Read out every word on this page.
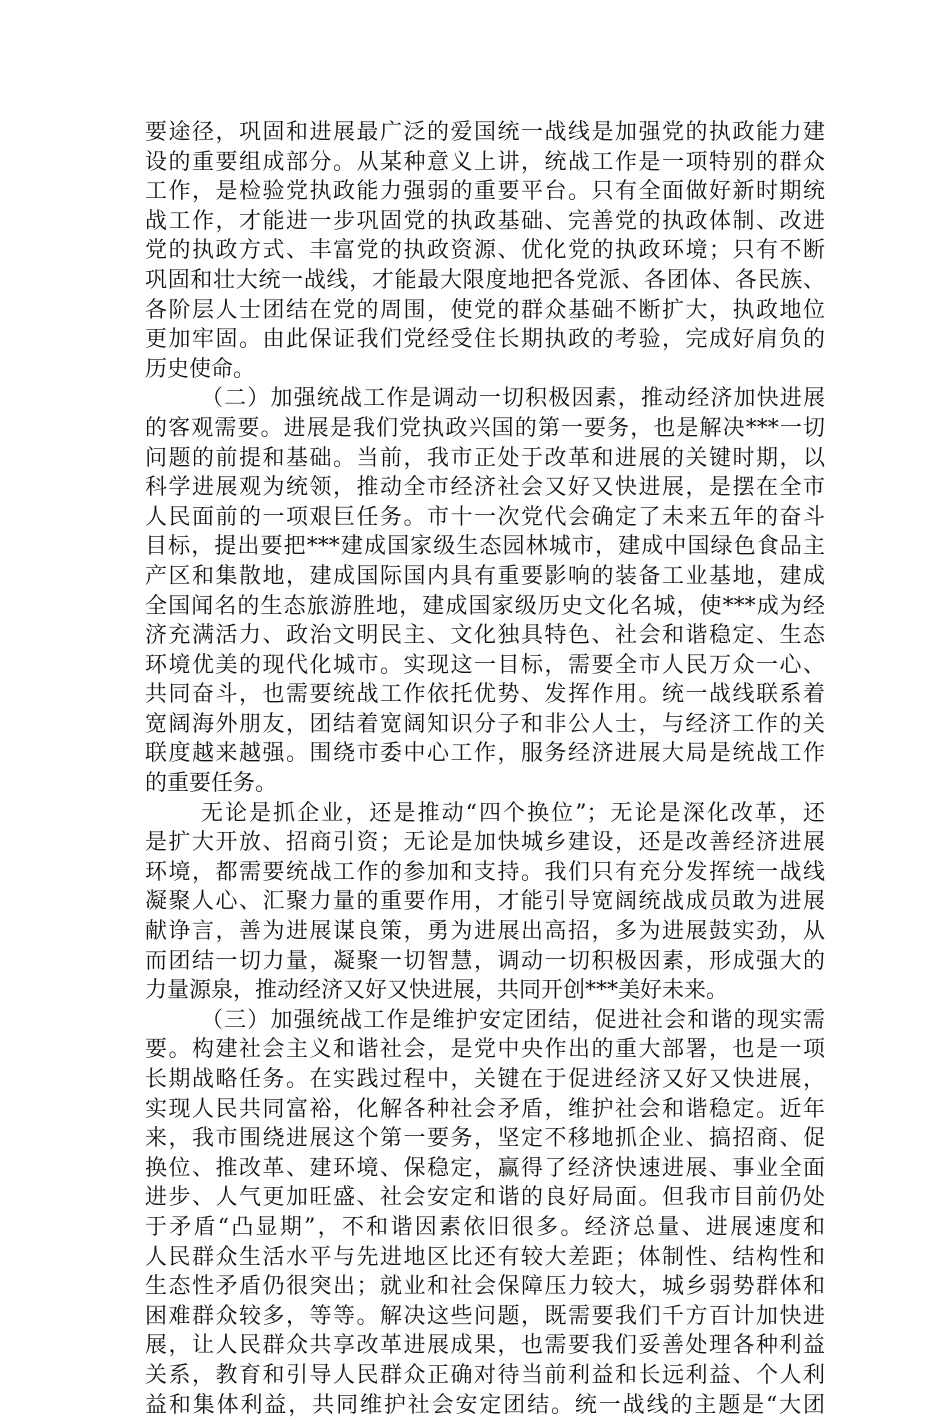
要途径，巩固和进展最广泛的爱国统一战线是加强党的执政能力建
设的重要组成部分。从某种意义上讲，统战工作是一项特别的群众
工作，是检验党执政能力强弱的重要平台。只有全面做好新时期统
战工作，才能进一步巩固党的执政基础、完善党的执政体制、改进
党的执政方式、丰富党的执政资源、优化党的执政环境；只有不断
巩固和壮大统一战线，才能最大限度地把各党派、各团体、各民族、
各阶层人士团结在党的周围，使党的群众基础不断扩大，执政地位
更加牢固。由此保证我们党经受住长期执政的考验，完成好肩负的
历史使命。
（二）加强统战工作是调动一切积极因素，推动经济加快进展
的客观需要。进展是我们党执政兴国的第一要务，也是解决***一切
问题的前提和基础。当前，我市正处于改革和进展的关键时期，以
科学进展观为统领，推动全市经济社会又好又快进展，是摆在全市
人民面前的一项艰巨任务。市十一次党代会确定了未来五年的奋斗
目标，提出要把***建成国家级生态园林城市，建成中国绿色食品主
产区和集散地，建成国际国内具有重要影响的装备工业基地，建成
全国闻名的生态旅游胜地，建成国家级历史文化名城，使***成为经
济充满活力、政治文明民主、文化独具特色、社会和谐稳定、生态
环境优美的现代化城市。实现这一目标，需要全市人民万众一心、
共同奋斗，也需要统战工作依托优势、发挥作用。统一战线联系着
宽阔海外朋友，团结着宽阔知识分子和非公人士，与经济工作的关
联度越来越强。围绕市委中心工作，服务经济进展大局是统战工作
的重要任务。
无论是抓企业，还是推动“四个换位”；无论是深化改革，还
是扩大开放、招商引资；无论是加快城乡建设，还是改善经济进展
环境，都需要统战工作的参加和支持。我们只有充分发挥统一战线
凝聚人心、汇聚力量的重要作用，才能引导宽阔统战成员敢为进展
献诤言，善为进展谋良策，勇为进展出高招，多为进展鼓实劲，从
而团结一切力量，凝聚一切智慧，调动一切积极因素，形成强大的
力量源泉，推动经济又好又快进展，共同开创***美好未来。
（三）加强统战工作是维护安定团结，促进社会和谐的现实需
要。构建社会主义和谐社会，是党中央作出的重大部署，也是一项
长期战略任务。在实践过程中，关键在于促进经济又好又快进展，
实现人民共同富裕，化解各种社会矛盾，维护社会和谐稳定。近年
来，我市围绕进展这个第一要务，坚定不移地抓企业、搞招商、促
换位、推改革、建环境、保稳定，赢得了经济快速进展、事业全面
进步、人气更加旺盛、社会安定和谐的良好局面。但我市目前仍处
于矛盾“凸显期”，不和谐因素依旧很多。经济总量、进展速度和
人民群众生活水平与先进地区比还有较大差距；体制性、结构性和
生态性矛盾仍很突出；就业和社会保障压力较大，城乡弱势群体和
困难群众较多，等等。解决这些问题，既需要我们千方百计加快进
展，让人民群众共享改革进展成果，也需要我们妥善处理各种利益
关系，教育和引导人民群众正确对待当前利益和长远利益、个人利
益和集体利益，共同维护社会安定团结。统一战线的主题是“大团
